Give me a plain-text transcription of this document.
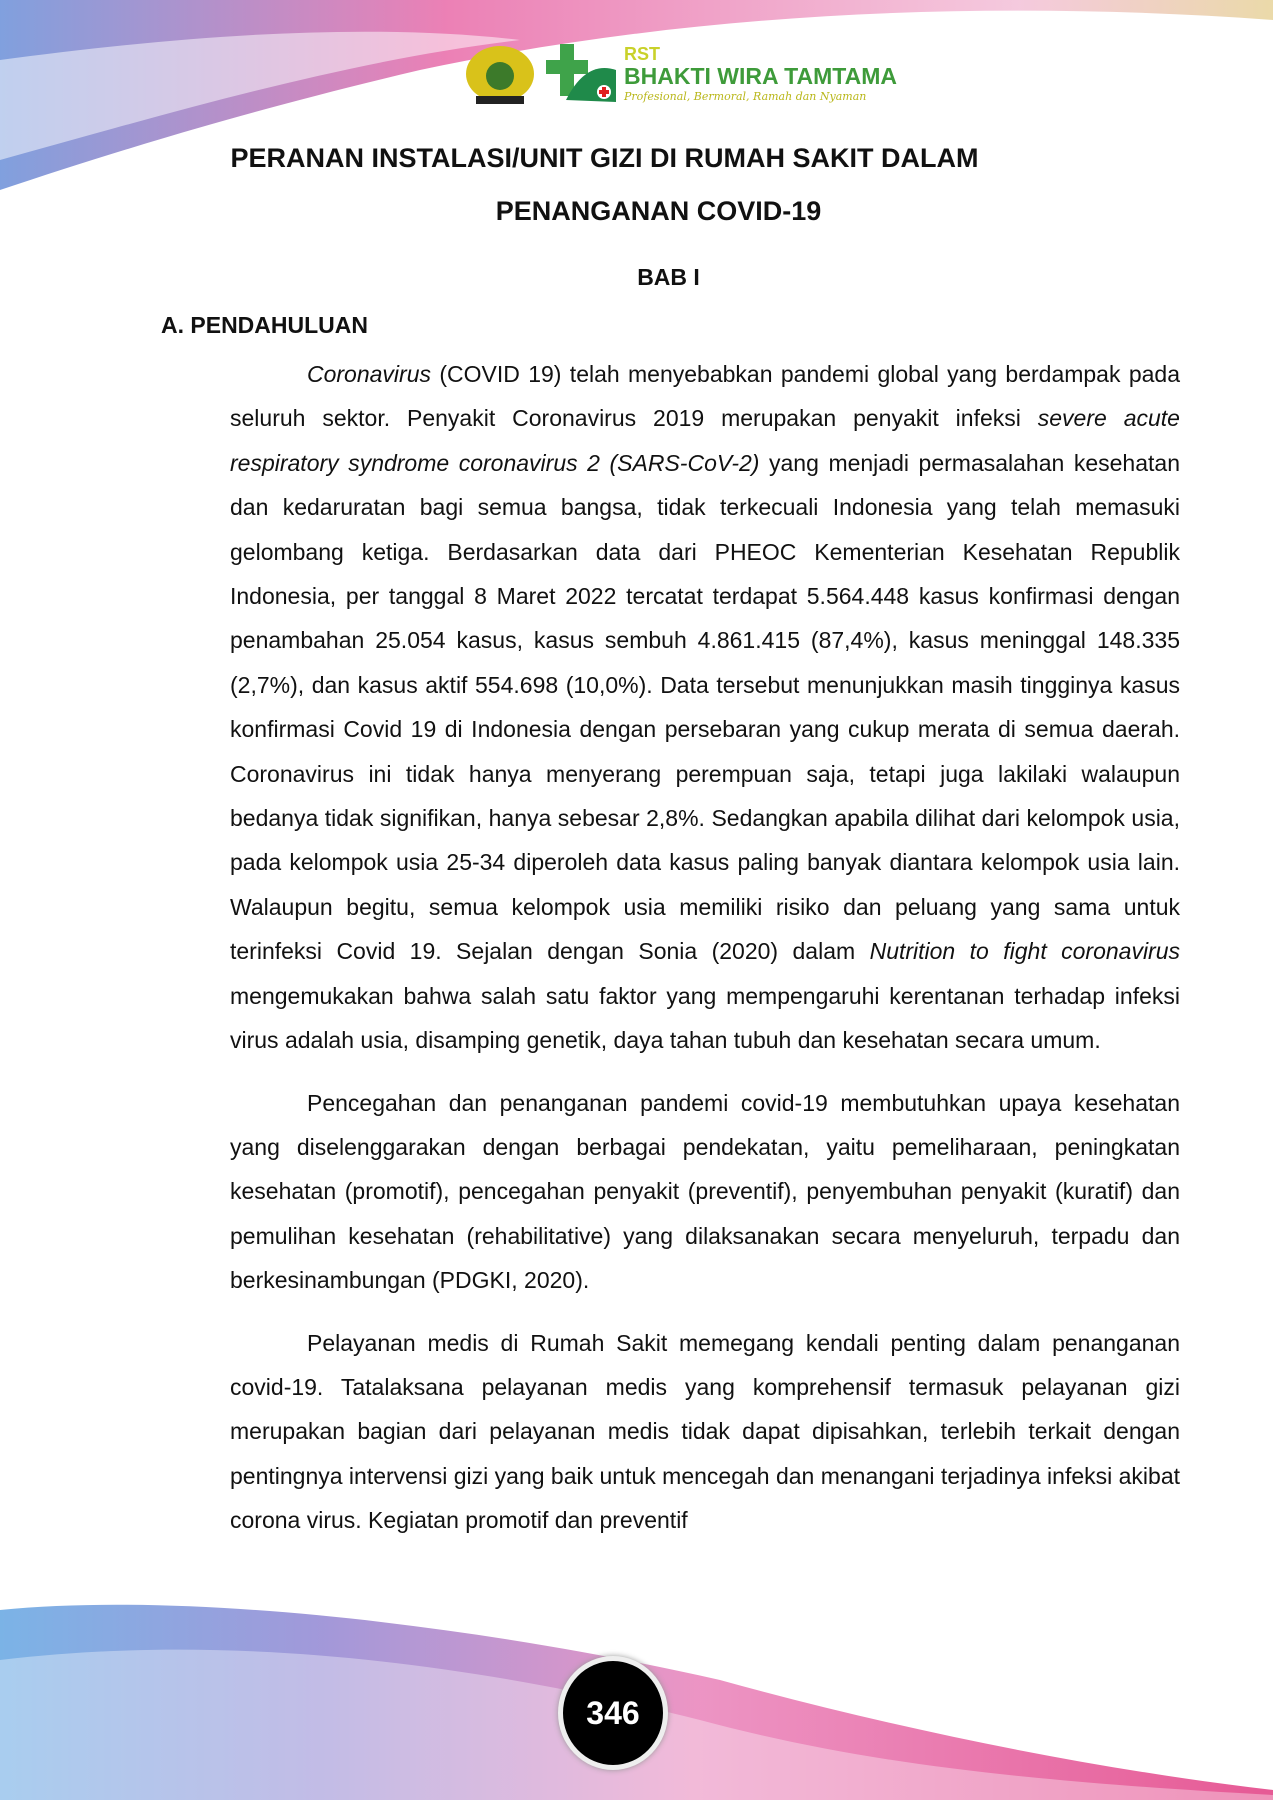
RST
BHAKTI WIRA TAMTAMA
Profesional, Bermoral, Ramah dan Nyaman
PERANAN INSTALASI/UNIT GIZI DI RUMAH SAKIT DALAM
PENANGANAN COVID-19
BAB I
A. PENDAHULUAN

Coronavirus (COVID 19) telah menyebabkan pandemi global yang berdampak pada seluruh sektor. Penyakit Coronavirus 2019 merupakan penyakit infeksi severe acute respiratory syndrome coronavirus 2 (SARS-CoV-2) yang menjadi permasalahan kesehatan dan kedaruratan bagi semua bangsa, tidak terkecuali Indonesia yang telah memasuki gelombang ketiga. Berdasarkan data dari PHEOC Kementerian Kesehatan Republik Indonesia, per tanggal 8 Maret 2022 tercatat terdapat 5.564.448 kasus konfirmasi dengan penambahan 25.054 kasus, kasus sembuh 4.861.415 (87,4%), kasus meninggal 148.335 (2,7%), dan kasus aktif 554.698 (10,0%). Data tersebut menunjukkan masih tingginya kasus konfirmasi Covid 19 di Indonesia dengan persebaran yang cukup merata di semua daerah. Coronavirus ini tidak hanya menyerang perempuan saja, tetapi juga lakilaki walaupun bedanya tidak signifikan, hanya sebesar 2,8%. Sedangkan apabila dilihat dari kelompok usia, pada kelompok usia 25-34 diperoleh data kasus paling banyak diantara kelompok usia lain. Walaupun begitu, semua kelompok usia memiliki risiko dan peluang yang sama untuk terinfeksi Covid 19. Sejalan dengan Sonia (2020) dalam Nutrition to fight coronavirus mengemukakan bahwa salah satu faktor yang mempengaruhi kerentanan terhadap infeksi virus adalah usia, disamping genetik, daya tahan tubuh dan kesehatan secara umum.

Pencegahan dan penanganan pandemi covid-19 membutuhkan upaya kesehatan yang diselenggarakan dengan berbagai pendekatan, yaitu pemeliharaan, peningkatan kesehatan (promotif), pencegahan penyakit (preventif), penyembuhan penyakit (kuratif) dan pemulihan kesehatan (rehabilitative) yang dilaksanakan secara menyeluruh, terpadu dan berkesinambungan (PDGKI, 2020).

Pelayanan medis di Rumah Sakit memegang kendali penting dalam penanganan covid-19. Tatalaksana pelayanan medis yang komprehensif termasuk pelayanan gizi merupakan bagian dari pelayanan medis tidak dapat dipisahkan, terlebih terkait dengan pentingnya intervensi gizi yang baik untuk mencegah dan menangani terjadinya infeksi akibat corona virus. Kegiatan promotif dan preventif

346
